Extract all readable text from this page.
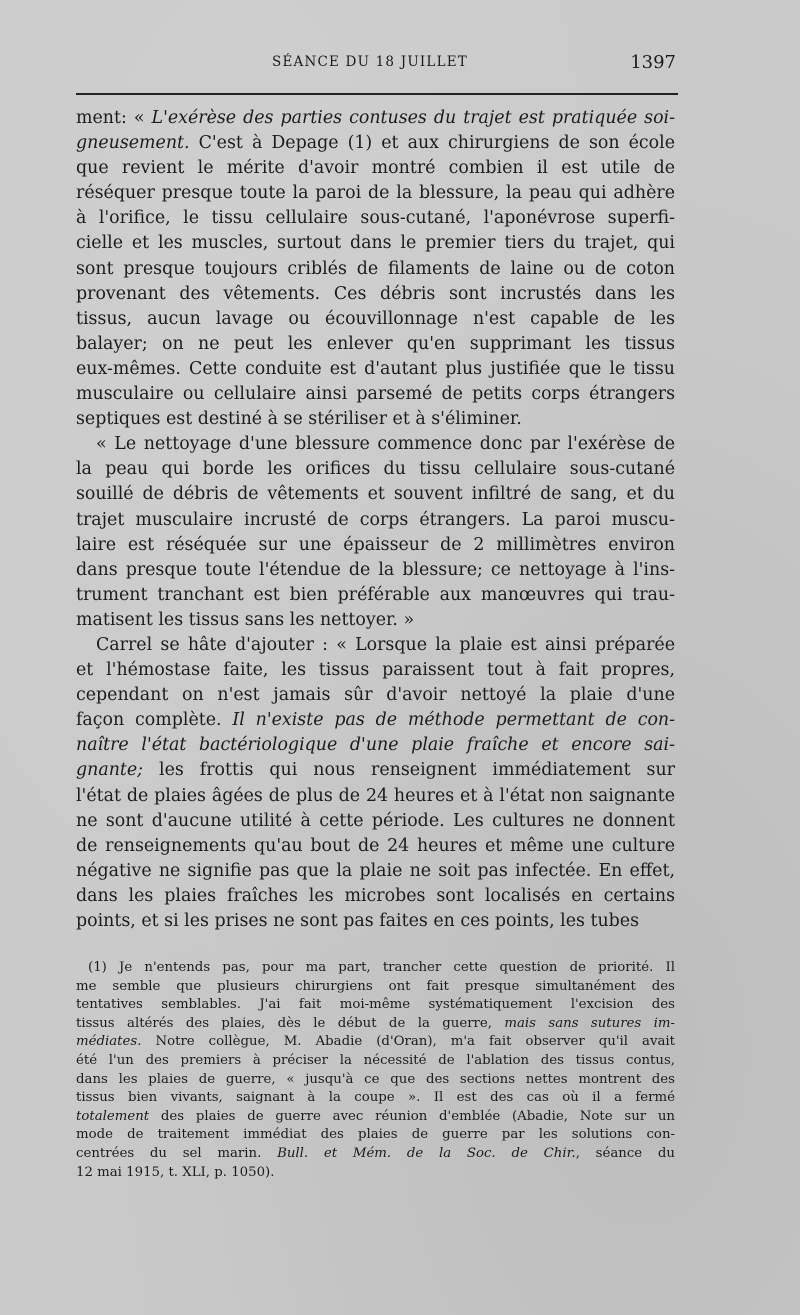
SÉANCE DU 18 JUILLET	1397
ment: « L'exérèse des parties contuses du trajet est pratiquée soi-
gneusement. C'est à Depage (1) et aux chirurgiens de son école
que revient le mérite d'avoir montré combien il est utile de
réséquer presque toute la paroi de la blessure, la peau qui adhère
à l'orifice, le tissu cellulaire sous-cutané, l'aponévrose superfi-
cielle et les muscles, surtout dans le premier tiers du trajet, qui
sont presque toujours criblés de filaments de laine ou de coton
provenant des vêtements. Ces débris sont incrustés dans les
tissus, aucun lavage ou écouvillonnage n'est capable de les
balayer; on ne peut les enlever qu'en supprimant les tissus
eux-mêmes. Cette conduite est d'autant plus justifiée que le tissu
musculaire ou cellulaire ainsi parsemé de petits corps étrangers
septiques est destiné à se stériliser et à s'éliminer.
« Le nettoyage d'une blessure commence donc par l'exérèse de
la peau qui borde les orifices du tissu cellulaire sous-cutané
souillé de débris de vêtements et souvent infiltré de sang, et du
trajet musculaire incrusté de corps étrangers. La paroi muscu-
laire est réséquée sur une épaisseur de 2 millimètres environ
dans presque toute l'étendue de la blessure; ce nettoyage à l'ins-
trument tranchant est bien préférable aux manœuvres qui trau-
matisent les tissus sans les nettoyer. »
Carrel se hâte d'ajouter : « Lorsque la plaie est ainsi préparée
et l'hémostase faite, les tissus paraissent tout à fait propres,
cependant on n'est jamais sûr d'avoir nettoyé la plaie d'une
façon complète. Il n'existe pas de méthode permettant de con-
naître l'état bactériologique d'une plaie fraîche et encore sai-
gnante; les frottis qui nous renseignent immédiatement sur
l'état de plaies âgées de plus de 24 heures et à l'état non saignante
ne sont d'aucune utilité à cette période. Les cultures ne donnent
de renseignements qu'au bout de 24 heures et même une culture
négative ne signifie pas que la plaie ne soit pas infectée. En effet,
dans les plaies fraîches les microbes sont localisés en certains
points, et si les prises ne sont pas faites en ces points, les tubes
(1) Je n'entends pas, pour ma part, trancher cette question de priorité. Il
me semble que plusieurs chirurgiens ont fait presque simultanément des
tentatives semblables. J'ai fait moi-même systématiquement l'excision des
tissus altérés des plaies, dès le début de la guerre, mais sans sutures im-
médiates. Notre collègue, M. Abadie (d'Oran), m'a fait observer qu'il avait
été l'un des premiers à préciser la nécessité de l'ablation des tissus contus,
dans les plaies de guerre, « jusqu'à ce que des sections nettes montrent des
tissus bien vivants, saignant à la coupe ». Il est des cas où il a fermé
totalement des plaies de guerre avec réunion d'emblée (Abadie, Note sur un
mode de traitement immédiat des plaies de guerre par les solutions con-
centrées du sel marin. Bull. et Mém. de la Soc. de Chir., séance du
12 mai 1915, t. XLI, p. 1050).
